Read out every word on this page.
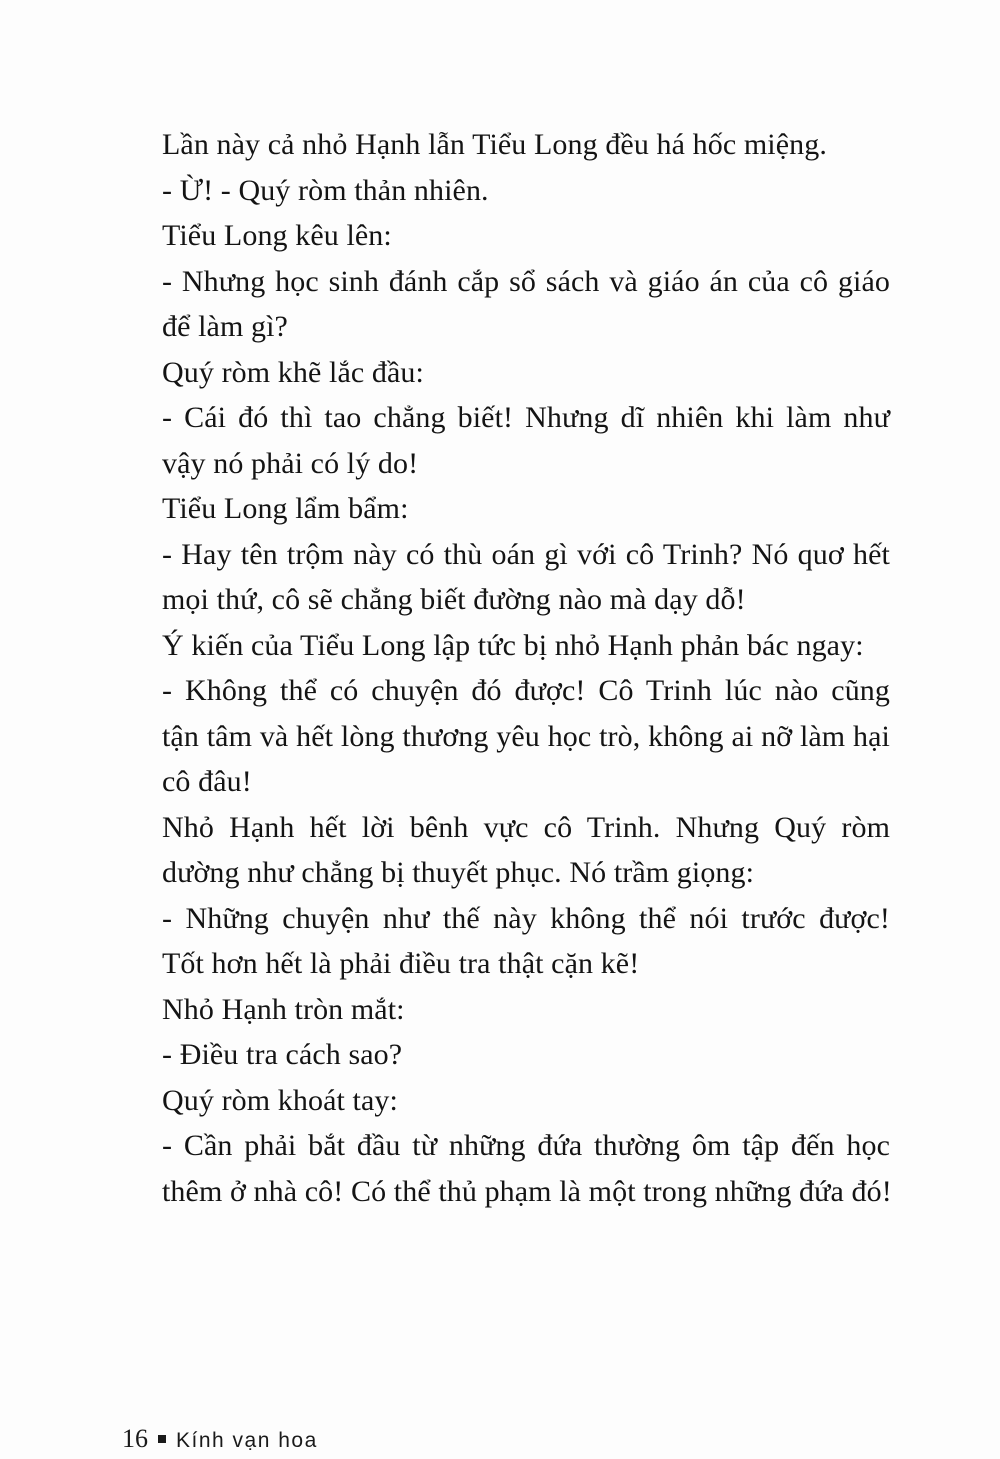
Lần này cả nhỏ Hạnh lẫn Tiểu Long đều há hốc miệng.
- Ừ! - Quý ròm thản nhiên.
Tiểu Long kêu lên:
- Nhưng học sinh đánh cắp sổ sách và giáo án của cô giáo
để làm gì?
Quý ròm khẽ lắc đầu:
- Cái đó thì tao chẳng biết! Nhưng dĩ nhiên khi làm như
vậy nó phải có lý do!
Tiểu Long lẩm bẩm:
- Hay tên trộm này có thù oán gì với cô Trinh? Nó quơ hết
mọi thứ, cô sẽ chẳng biết đường nào mà dạy dỗ!
Ý kiến của Tiểu Long lập tức bị nhỏ Hạnh phản bác ngay:
- Không thể có chuyện đó được! Cô Trinh lúc nào cũng
tận tâm và hết lòng thương yêu học trò, không ai nỡ làm hại
cô đâu!
Nhỏ Hạnh hết lời bênh vực cô Trinh. Nhưng Quý ròm
dường như chẳng bị thuyết phục. Nó trầm giọng:
- Những chuyện như thế này không thể nói trước được!
Tốt hơn hết là phải điều tra thật cặn kẽ!
Nhỏ Hạnh tròn mắt:
- Điều tra cách sao?
Quý ròm khoát tay:
- Cần phải bắt đầu từ những đứa thường ôm tập đến học
thêm ở nhà cô! Có thể thủ phạm là một trong những đứa đó!
16 Kính vạn hoa
